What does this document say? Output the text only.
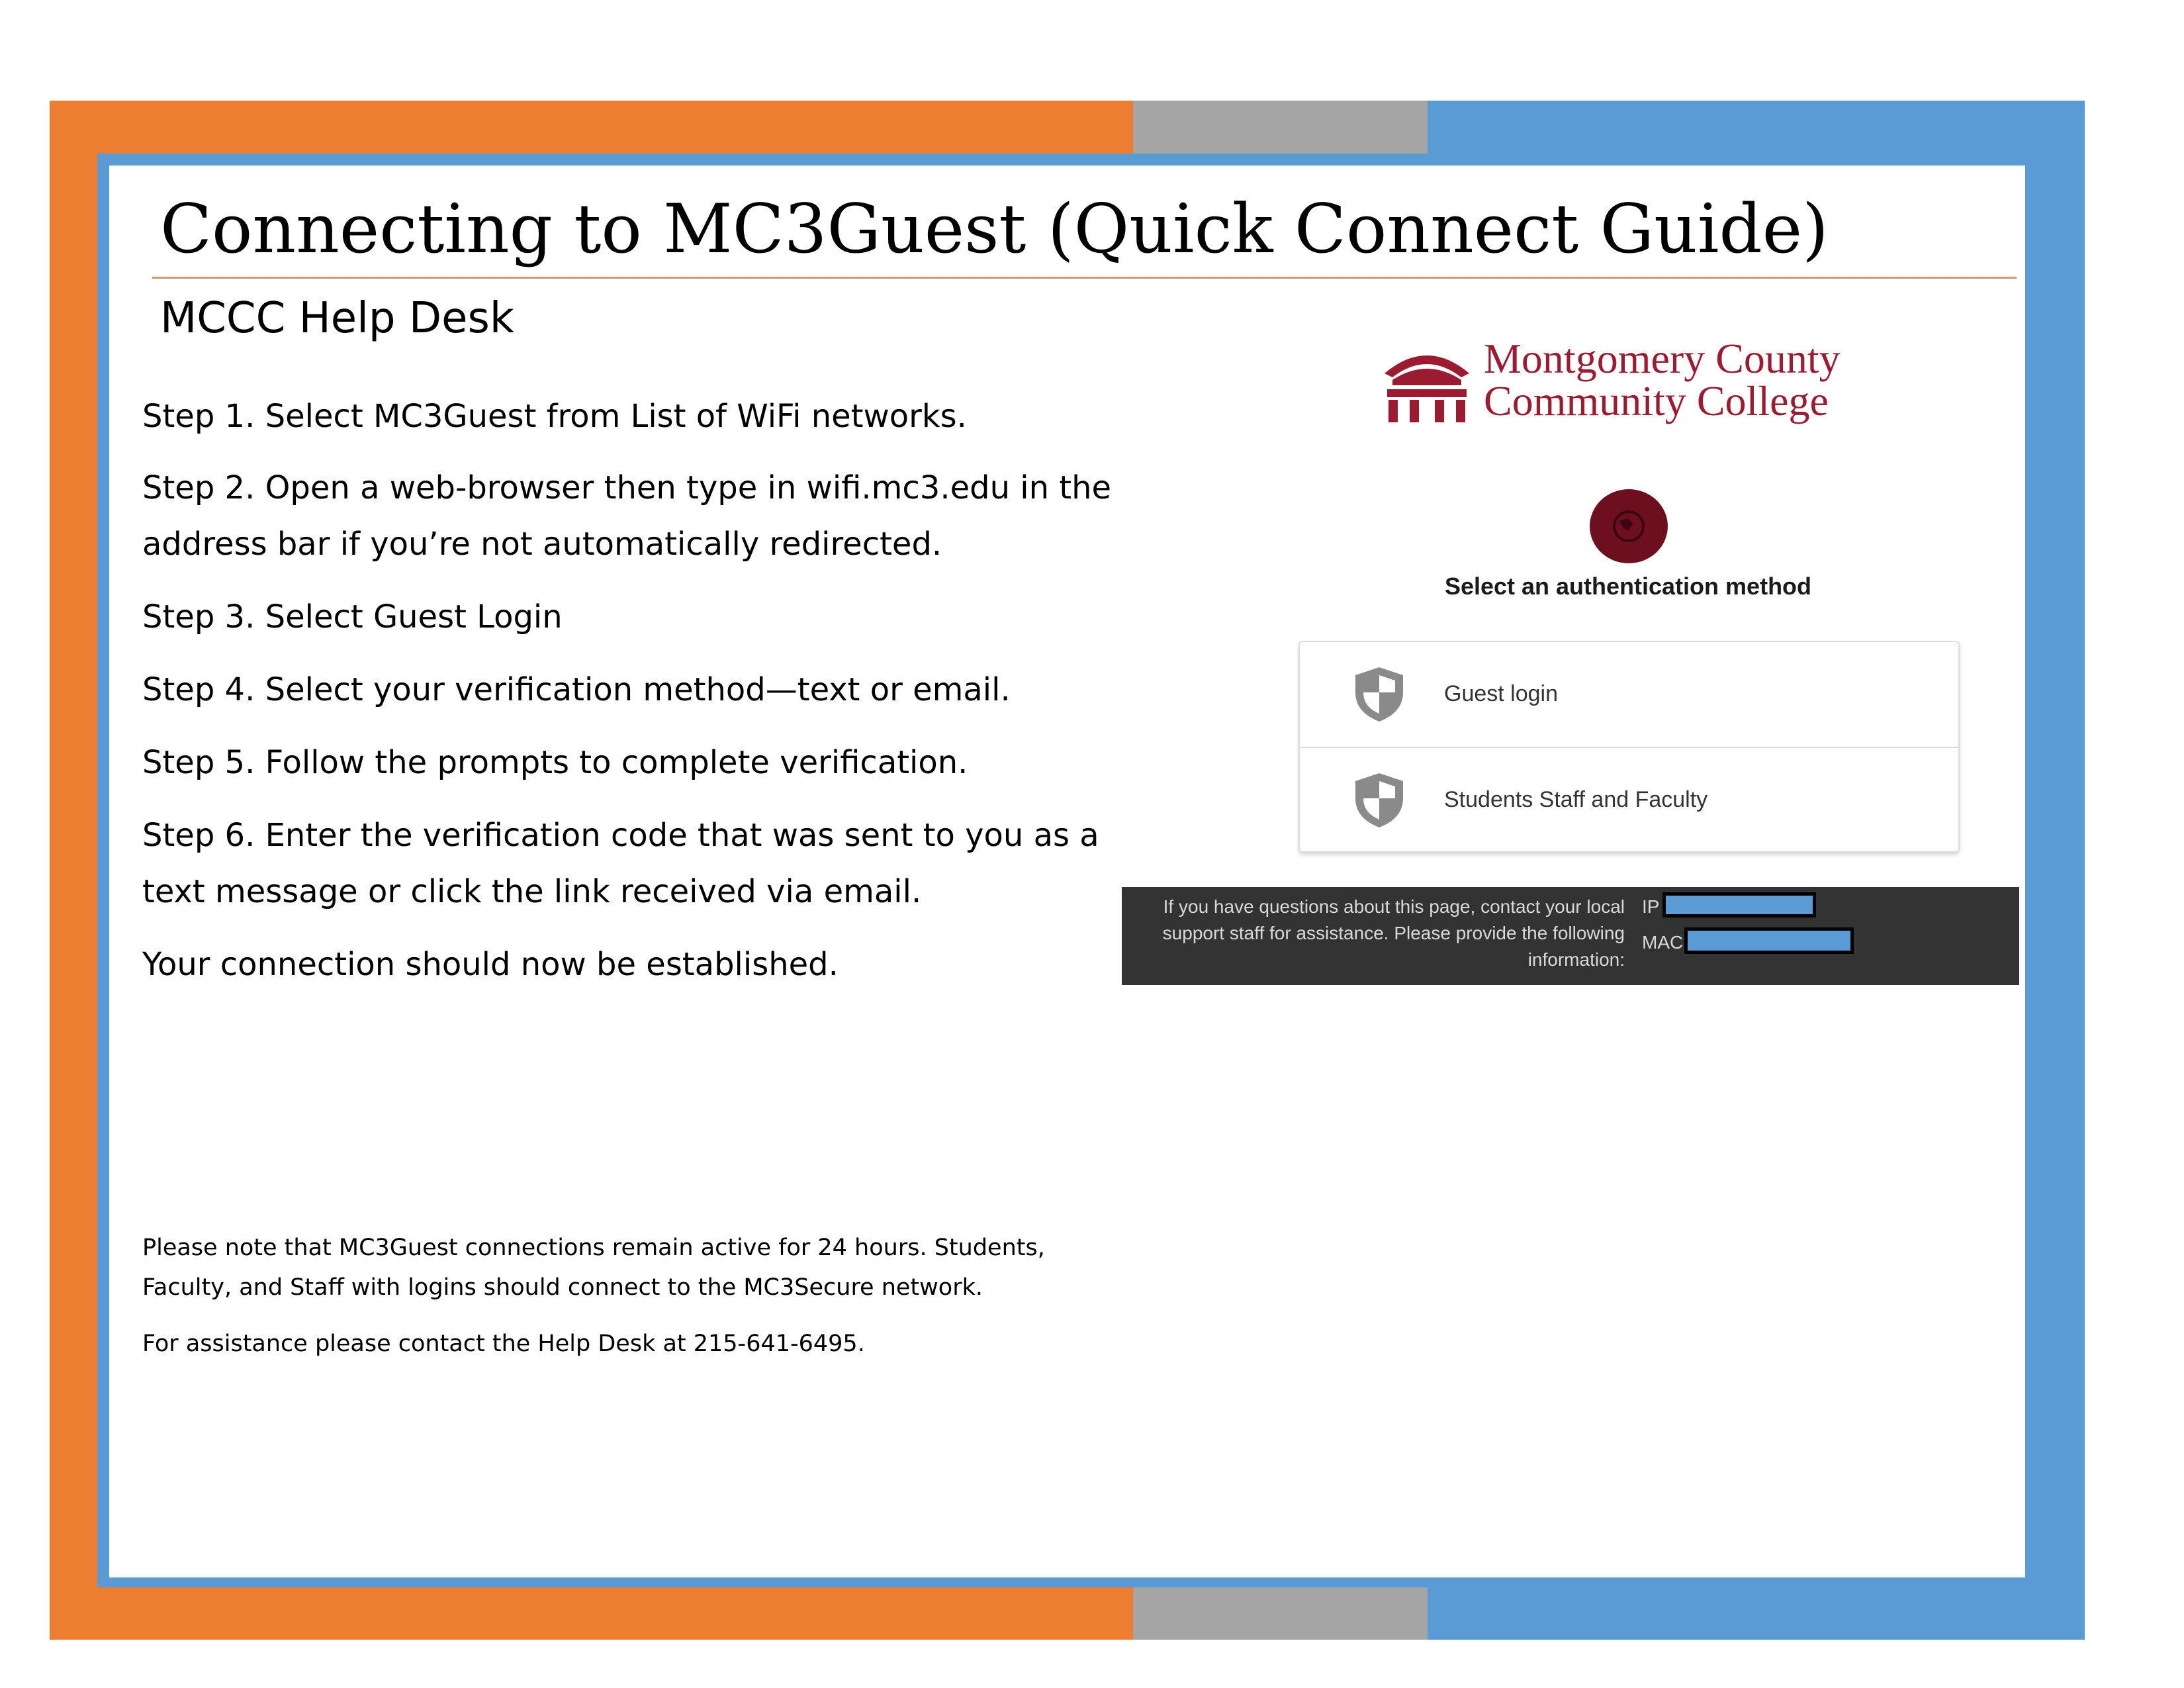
Connecting to MC3Guest (Quick Connect Guide)
MCCC Help Desk
Step 1. Select MC3Guest from List of WiFi networks.
Step 2. Open a web-browser then type in wifi.mc3.edu in the address bar if you’re not automatically redirected.
Step 3. Select Guest Login
Step 4. Select your verification method—text or email.
Step 5. Follow the prompts to complete verification.
Step 6. Enter the verification code that was sent to you as a text message or click the link received via email.
Your connection should now be established.
Please note that MC3Guest connections remain active for 24 hours. Students, Faculty, and Staff with logins should connect to the MC3Secure network.
For assistance please contact the Help Desk at 215-641-6495.
Montgomery County
Community College
Select an authentication method
Guest login
Students Staff and Faculty
If you have questions about this page, contact your local support staff for assistance. Please provide the following information:
IP
MAC
